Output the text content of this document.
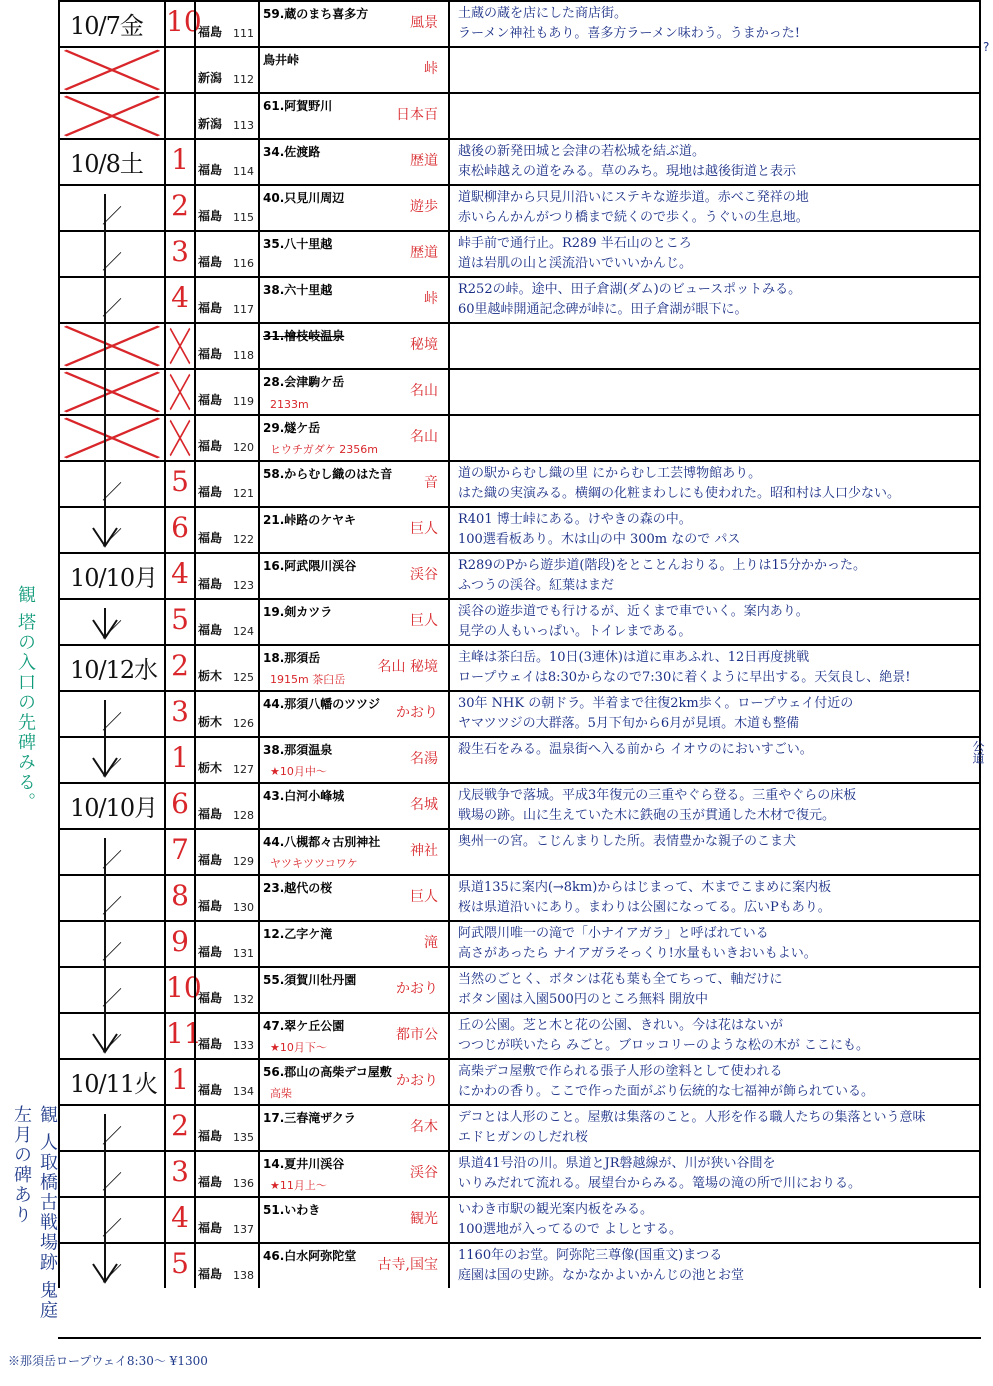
10/7金 10
福島 111
59.蔵のまち喜多方
風景
土蔵の蔵を店にした商店街。
ラーメン神社もあり。喜多方ラーメン味わう。うまかった!
新潟 112
鳥井峠
峠
新潟 113
61.阿賀野川
日本百
10/8土 1 福島 114
34.佐渡路
歴道
越後の新発田城と会津の若松城を結ぶ道。
束松峠越えの道をみる。草のみち。現地は越後街道と表示
／ 2 福島 115
40.只見川周辺
遊歩
道駅柳津から只見川沿いにステキな遊歩道。赤べこ発祥の地
赤いらんかんがつり橋まで続くので歩く。うぐいの生息地。
／ 3 福島 116
35.八十里越
歴道
峠手前で通行止。R289 半石山のところ
道は岩肌の山と渓流沿いでいいかんじ。
／ 4 福島 117
38.六十里越
峠
R252の峠。途中、田子倉湖(ダム)のビュースポットみる。
60里越峠開通記念碑が峠に。田子倉湖が眼下に。
福島 118
31.檜枝岐温泉
秘境
福島 119
28.会津駒ケ岳
名山
2133m
福島 120
29.燧ケ岳
名山
ヒウチガダケ 2356m
／ 5 福島 121
58.からむし織のはた音
音
道の駅からむし織の里 にからむし工芸博物館あり。
はた織の実演みる。横綱の化粧まわしにも使われた。昭和村は人口少ない。
／ 6 福島 122
21.峠路のケヤキ
巨人
R401 博士峠にある。けやきの森の中。
100選看板あり。木は山の中 300m なので パス
10/10月 4 福島 123
16.阿武隈川渓谷
渓谷
R289のPから遊歩道(階段)をとことんおりる。上りは15分かかった。
ふつうの渓谷。紅葉はまだ
／ 5 福島 124
19.剣カツラ
巨人
渓谷の遊歩道でも行けるが、近くまで車でいく。案内あり。
見学の人もいっぱい。トイレまである。
10/12水 2 栃木 125
18.那須岳
名山 秘境
1915m 茶臼岳
主峰は茶臼岳。10日(3連休)は道に車あふれ、12日再度挑戦
ロープウェイは8:30からなので7:30に着くように早出する。天気良し、絶景!
／ 3 栃木 126
44.那須八幡のツツジ
かおり
30年 NHK の朝ドラ。半着まで往復2km歩く。ロープウェイ付近の
ヤマツツジの大群落。5月下旬から6月が見頃。木道も整備
／ 1 栃木 127
38.那須温泉
名湯
★10月中～
殺生石をみる。温泉街へ入る前から イオウのにおいすごい。
10/10月 6 福島 128
43.白河小峰城
名城
戊辰戦争で落城。平成3年復元の三重やぐら登る。三重やぐらの床板
戦場の跡。山に生えていた木に鉄砲の玉が貫通した木材で復元。
／ 7 福島 129
44.八槻都々古別神社
神社
ヤツキツツコワケ
奥州一の宮。こじんまりした所。表情豊かな親子のこま犬
／ 8 福島 130
23.越代の桜
巨人
県道135に案内(→8km)からはじまって、木までこまめに案内板
桜は県道沿いにあり。まわりは公園になってる。広いPもあり。
／ 9 福島 131
12.乙字ケ滝
滝
阿武隈川唯一の滝で「小ナイアガラ」と呼ばれている
高さがあったら ナイアガラそっくり!水量もいきおいもよい。
／ 10
福島 132
55.須賀川牡丹園
かおり
当然のごとく、ボタンは花も葉も全てちって、軸だけに
ボタン園は入園500円のところ無料 開放中
／ 11
福島 133
47.翠ケ丘公園
都市公
★10月下～
丘の公園。芝と木と花の公園、きれい。今は花はないが
つつじが咲いたら みごと。ブロッコリーのような松の木が ここにも。
10/11火 1 福島 134
56.郡山の高柴デコ屋敷
かおり
高柴
高柴デコ屋敷で作られる張子人形の塗料として使われる
にかわの香り。ここで作った面がぶり伝統的な七福神が飾られている。
／ 2 福島 135
17.三春滝ザクラ
名木
デコとは人形のこと。屋敷は集落のこと。人形を作る職人たちの集落という意味
エドヒガンのしだれ桜
／ 3 福島 136
14.夏井川渓谷
渓谷
★11月上～
県道41号沿の川。県道とJR磐越線が、川が狭い谷間を
いりみだれて流れる。展望台からみる。篭場の滝の所で川におりる。
／ 4 福島 137
51.いわき
観光
いわき市駅の観光案内板をみる。
100選地が入ってるので よしとする。
／ 5 福島 138
46.白水阿弥陀堂
古寺,国宝
1160年のお堂。阿弥陀三尊像(国重文)まつる
庭園は国の史跡。なかなかよいかんじの池とお堂
観 塔の入口の先碑みる。
観 人取橋古戦場跡 鬼庭左月の碑あり
公道
?
※那須岳ロープウェイ8:30～ ¥1300
